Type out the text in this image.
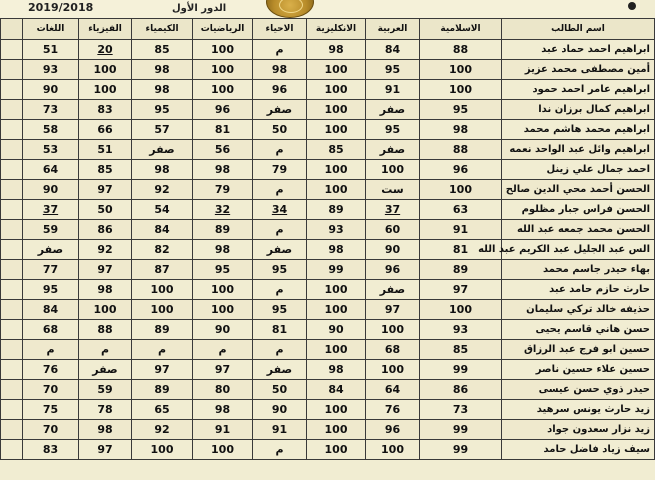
2019/2018	الدور الأول
	اللغات	الفيزياء	الكيمياء	الرياضيات	الاحياء	الانكليزية	العربية	الاسلامية	اسم الطالب
	51	20	85	100	م	98	84	88	ابراهيم احمد حماد عبد
	93	100	98	100	98	100	95	100	أمين مصطفى محمد عزيز
	90	100	98	100	96	100	91	100	ابراهيم عامر احمد حمود
	73	83	95	96	صفر	100	صفر	95	ابراهيم كمال برزان ندا
	58	66	57	81	50	100	95	98	ابراهيم محمد هاشم محمد
	53	51	صفر	56	م	85	صفر	88	ابراهيم وائل عبد الواحد نعمه
	64	85	98	98	79	100	100	96	احمد جمال علي زينل
	90	97	92	79	م	100	ست	100	الحسن أحمد محي الدين صالح
	37	50	54	32	34	89	37	63	الحسن فراس جبار مظلوم
	59	86	84	89	م	93	60	91	الحسن محمد جمعه عبد الله
	صفر	92	82	98	صفر	98	90	81	الس عبد الجليل عبد الكريم عبد الله
	77	97	87	95	95	99	96	89	بهاء حيدر جاسم محمد
	95	98	100	100	م	100	صفر	97	حارث حازم حامد عبد
	84	100	100	100	95	100	97	100	حذيفه خالد تركي سليمان
	68	88	89	90	81	90	100	93	حسن هاني قاسم يحيى
	م	م	م	م	م	100	68	85	حسين ابو فرج عبد الرزاق
	76	صفر	97	97	صفر	98	100	99	حسين علاء حسين ناصر
	70	59	89	80	50	84	64	86	حيدر ذوي حسن عيسى
	75	78	65	98	90	100	76	73	زيد حارث يونس سرهيد
	70	98	92	91	91	100	96	99	زيد نزار سعدون جواد
	83	97	100	100	م	100	100	99	سيف زياد فاضل حامد
